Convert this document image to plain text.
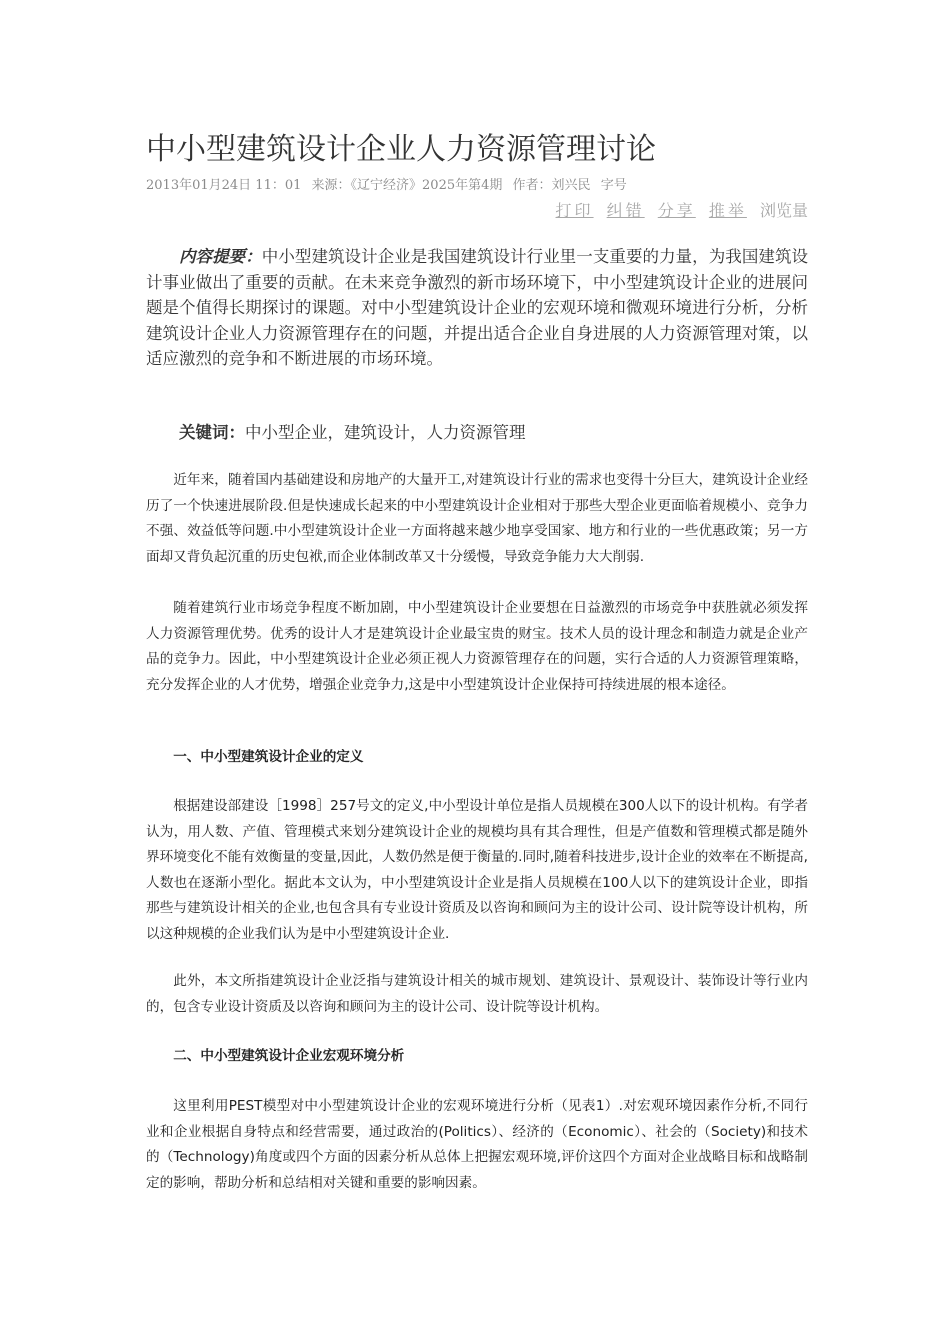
中小型建筑设计企业人力资源管理讨论
2013年01月24日 11：01 来源：《辽宁经济》2025年第4期 作者：刘兴民 字号
打印 纠错 分享 推举 浏览量

内容提要：中小型建筑设计企业是我国建筑设计行业里一支重要的力量，为我国建筑设计事业做出了重要的贡献。在未来竞争激烈的新市场环境下，中小型建筑设计企业的进展问题是个值得长期探讨的课题。对中小型建筑设计企业的宏观环境和微观环境进行分析，分析建筑设计企业人力资源管理存在的问题，并提出适合企业自身进展的人力资源管理对策，以适应激烈的竞争和不断进展的市场环境。

关键词：中小型企业，建筑设计，人力资源管理

近年来，随着国内基础建设和房地产的大量开工,对建筑设计行业的需求也变得十分巨大，建筑设计企业经历了一个快速进展阶段.但是快速成长起来的中小型建筑设计企业相对于那些大型企业更面临着规模小、竞争力不强、效益低等问题.中小型建筑设计企业一方面将越来越少地享受国家、地方和行业的一些优惠政策；另一方面却又背负起沉重的历史包袱,而企业体制改革又十分缓慢，导致竞争能力大大削弱.

随着建筑行业市场竞争程度不断加剧，中小型建筑设计企业要想在日益激烈的市场竞争中获胜就必须发挥人力资源管理优势。优秀的设计人才是建筑设计企业最宝贵的财宝。技术人员的设计理念和制造力就是企业产品的竞争力。因此，中小型建筑设计企业必须正视人力资源管理存在的问题，实行合适的人力资源管理策略，充分发挥企业的人才优势，增强企业竞争力,这是中小型建筑设计企业保持可持续进展的根本途径。

一、中小型建筑设计企业的定义

根据建设部建设［1998］257号文的定义,中小型设计单位是指人员规模在300人以下的设计机构。有学者认为，用人数、产值、管理模式来划分建筑设计企业的规模均具有其合理性，但是产值数和管理模式都是随外界环境变化不能有效衡量的变量,因此，人数仍然是便于衡量的.同时,随着科技进步,设计企业的效率在不断提高,人数也在逐渐小型化。据此本文认为，中小型建筑设计企业是指人员规模在100人以下的建筑设计企业，即指那些与建筑设计相关的企业,也包含具有专业设计资质及以咨询和顾问为主的设计公司、设计院等设计机构，所以这种规模的企业我们认为是中小型建筑设计企业.

此外，本文所指建筑设计企业泛指与建筑设计相关的城市规划、建筑设计、景观设计、装饰设计等行业内的，包含专业设计资质及以咨询和顾问为主的设计公司、设计院等设计机构。

二、中小型建筑设计企业宏观环境分析

这里利用PEST模型对中小型建筑设计企业的宏观环境进行分析（见表1）.对宏观环境因素作分析,不同行业和企业根据自身特点和经营需要，通过政治的(Politics）、经济的（Economic）、社会的（Society)和技术的（Technology)角度或四个方面的因素分析从总体上把握宏观环境,评价这四个方面对企业战略目标和战略制定的影响，帮助分析和总结相对关键和重要的影响因素。
